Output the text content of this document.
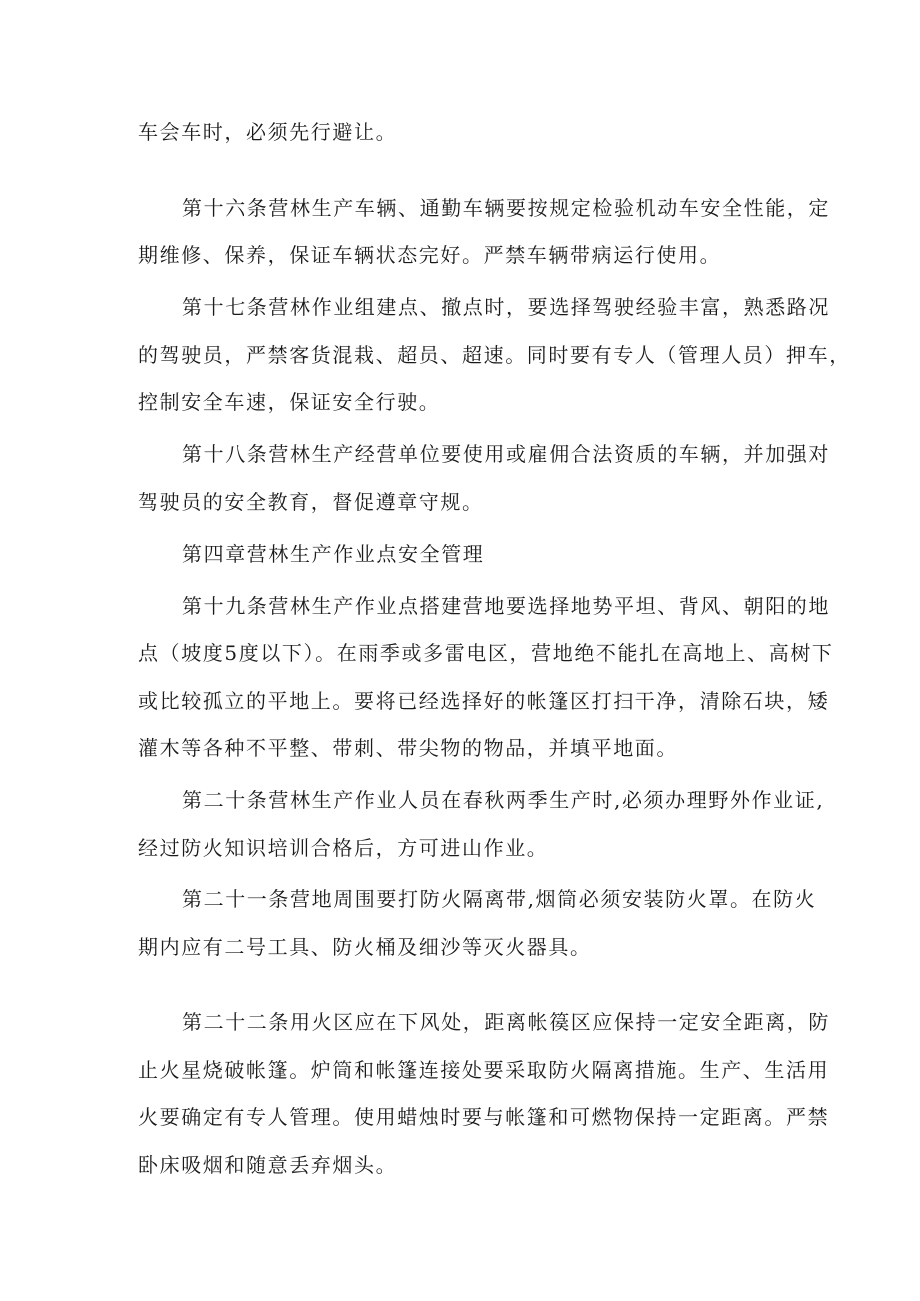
车会车时，必须先行避让。
第十六条营林生产车辆、通勤车辆要按规定检验机动车安全性能，定
期维修、保养，保证车辆状态完好。严禁车辆带病运行使用。
第十七条营林作业组建点、撤点时，要选择驾驶经验丰富，熟悉路况
的驾驶员，严禁客货混栽、超员、超速。同时要有专人（管理人员）押车，
控制安全车速，保证安全行驶。
第十八条营林生产经营单位要使用或雇佣合法资质的车辆，并加强对
驾驶员的安全教育，督促遵章守规。
第四章营林生产作业点安全管理
第十九条营林生产作业点搭建营地要选择地势平坦、背风、朝阳的地
点（坡度5度以下）。在雨季或多雷电区，营地绝不能扎在高地上、高树下
或比较孤立的平地上。要将已经选择好的帐篷区打扫干净，清除石块，矮
灌木等各种不平整、带刺、带尖物的物品，并填平地面。
第二十条营林生产作业人员在春秋两季生产时,必须办理野外作业证,
经过防火知识培训合格后，方可进山作业。
第二十一条营地周围要打防火隔离带,烟筒必须安装防火罩。在防火
期内应有二号工具、防火桶及细沙等灭火器具。
第二十二条用火区应在下风处，距离帐篌区应保持一定安全距离，防
止火星烧破帐篷。炉筒和帐篷连接处要采取防火隔离措施。生产、生活用
火要确定有专人管理。使用蜡烛时要与帐篷和可燃物保持一定距离。严禁
卧床吸烟和随意丢弃烟头。
